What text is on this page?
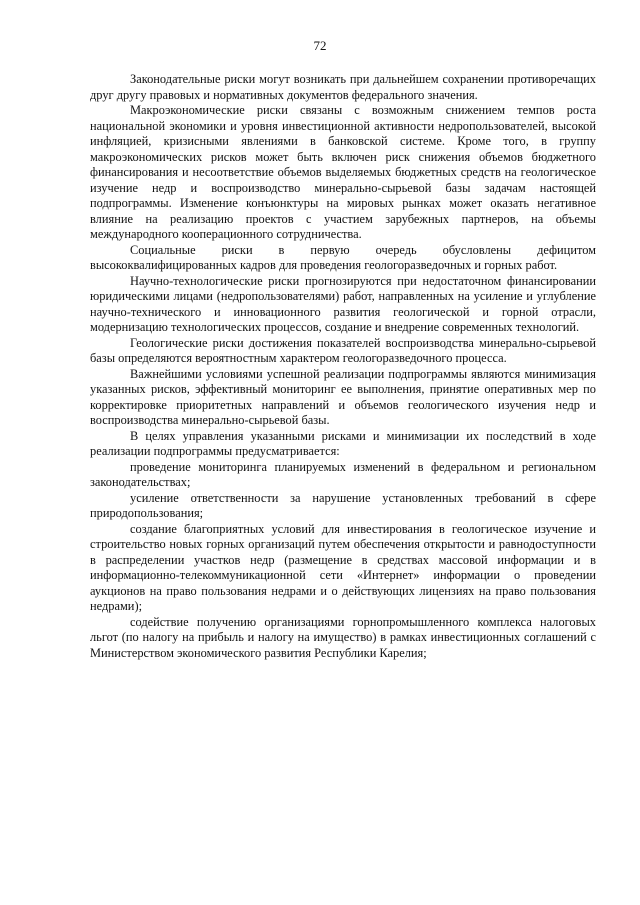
72

Законодательные риски могут возникать при дальнейшем сохранении противоречащих друг другу правовых и нормативных документов федерального значения.

Макроэкономические риски связаны с возможным снижением темпов роста национальной экономики и уровня инвестиционной активности недропользователей, высокой инфляцией, кризисными явлениями в банковской системе. Кроме того, в группу макроэкономических рисков может быть включен риск снижения объемов бюджетного финансирования и несоответствие объемов выделяемых бюджетных средств на геологическое изучение недр и воспроизводство минерально-сырьевой базы задачам настоящей подпрограммы. Изменение конъюнктуры на мировых рынках может оказать негативное влияние на реализацию проектов с участием зарубежных партнеров, на объемы международного кооперационного сотрудничества.

Социальные риски в первую очередь обусловлены дефицитом высококвалифицированных кадров для проведения геологоразведочных и горных работ.

Научно-технологические риски прогнозируются при недостаточном финансировании юридическими лицами (недропользователями) работ, направленных на усиление и углубление научно-технического и инновационного развития геологической и горной отрасли, модернизацию технологических процессов, создание и внедрение современных технологий.

Геологические риски достижения показателей воспроизводства минерально-сырьевой базы определяются вероятностным характером геологоразведочного процесса.

Важнейшими условиями успешной реализации подпрограммы являются минимизация указанных рисков, эффективный мониторинг ее выполнения, принятие оперативных мер по корректировке приоритетных направлений и объемов геологического изучения недр и воспроизводства минерально-сырьевой базы.

В целях управления указанными рисками и минимизации их последствий в ходе реализации подпрограммы предусматривается:

проведение мониторинга планируемых изменений в федеральном и региональном законодательствах;

усиление ответственности за нарушение установленных требований в сфере природопользования;

создание благоприятных условий для инвестирования в геологическое изучение и строительство новых горных организаций путем обеспечения открытости и равнодоступности в распределении участков недр (размещение в средствах массовой информации и в информационно-телекоммуникационной сети «Интернет» информации о проведении аукционов на право пользования недрами и о действующих лицензиях на право пользования недрами);

содействие получению организациями горнопромышленного комплекса налоговых льгот (по налогу на прибыль и налогу на имущество) в рамках инвестиционных соглашений с Министерством экономического развития Республики Карелия;
